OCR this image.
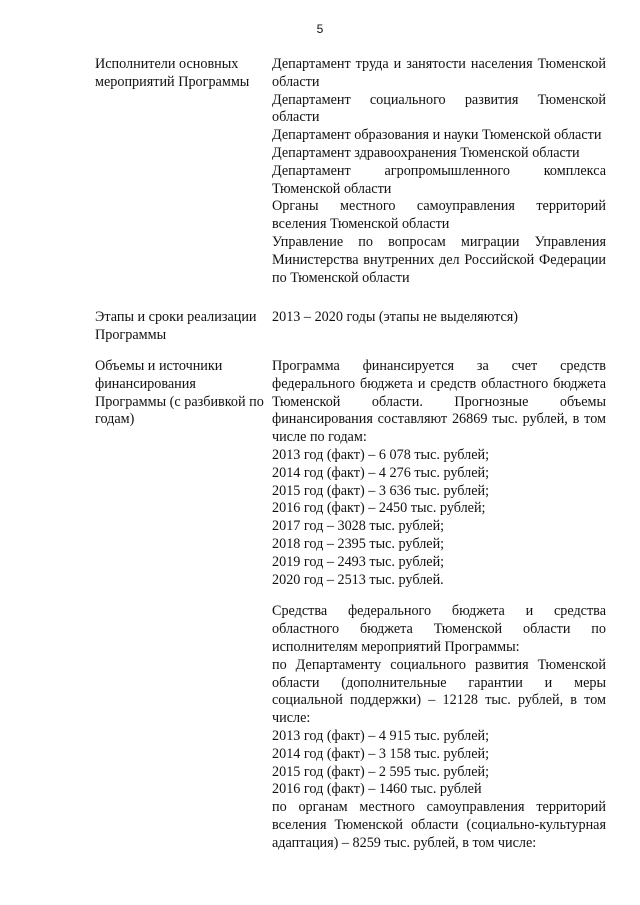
5
Исполнители основных мероприятий Программы
Департамент труда и занятости населения Тюменской области
Департамент социального развития Тюменской области
Департамент образования и науки Тюменской области
Департамент здравоохранения Тюменской области
Департамент агропромышленного комплекса Тюменской области
Органы местного самоуправления территорий вселения Тюменской области
Управление по вопросам миграции Управления Министерства внутренних дел Российской Федерации по Тюменской области
Этапы и сроки реализации Программы
2013 – 2020 годы (этапы не выделяются)
Объемы и источники финансирования Программы (с разбивкой по годам)
Программа финансируется за счет средств федерального бюджета и средств областного бюджета Тюменской области. Прогнозные объемы финансирования составляют 26869 тыс. рублей, в том числе по годам:
2013 год (факт) – 6 078 тыс. рублей;
2014 год (факт) – 4 276 тыс. рублей;
2015 год (факт) – 3 636 тыс. рублей;
2016 год (факт) – 2450 тыс. рублей;
2017 год – 3028 тыс. рублей;
2018 год – 2395 тыс. рублей;
2019 год – 2493 тыс. рублей;
2020 год – 2513 тыс. рублей.
Средства федерального бюджета и средства областного бюджета Тюменской области по исполнителям мероприятий Программы:
по Департаменту социального развития Тюменской области (дополнительные гарантии и меры социальной поддержки) – 12128 тыс. рублей, в том числе:
2013 год (факт) – 4 915 тыс. рублей;
2014 год (факт) – 3 158 тыс. рублей;
2015 год (факт) – 2 595 тыс. рублей;
2016 год (факт) – 1460 тыс. рублей
по органам местного самоуправления территорий вселения Тюменской области (социально-культурная адаптация) – 8259 тыс. рублей, в том числе:
